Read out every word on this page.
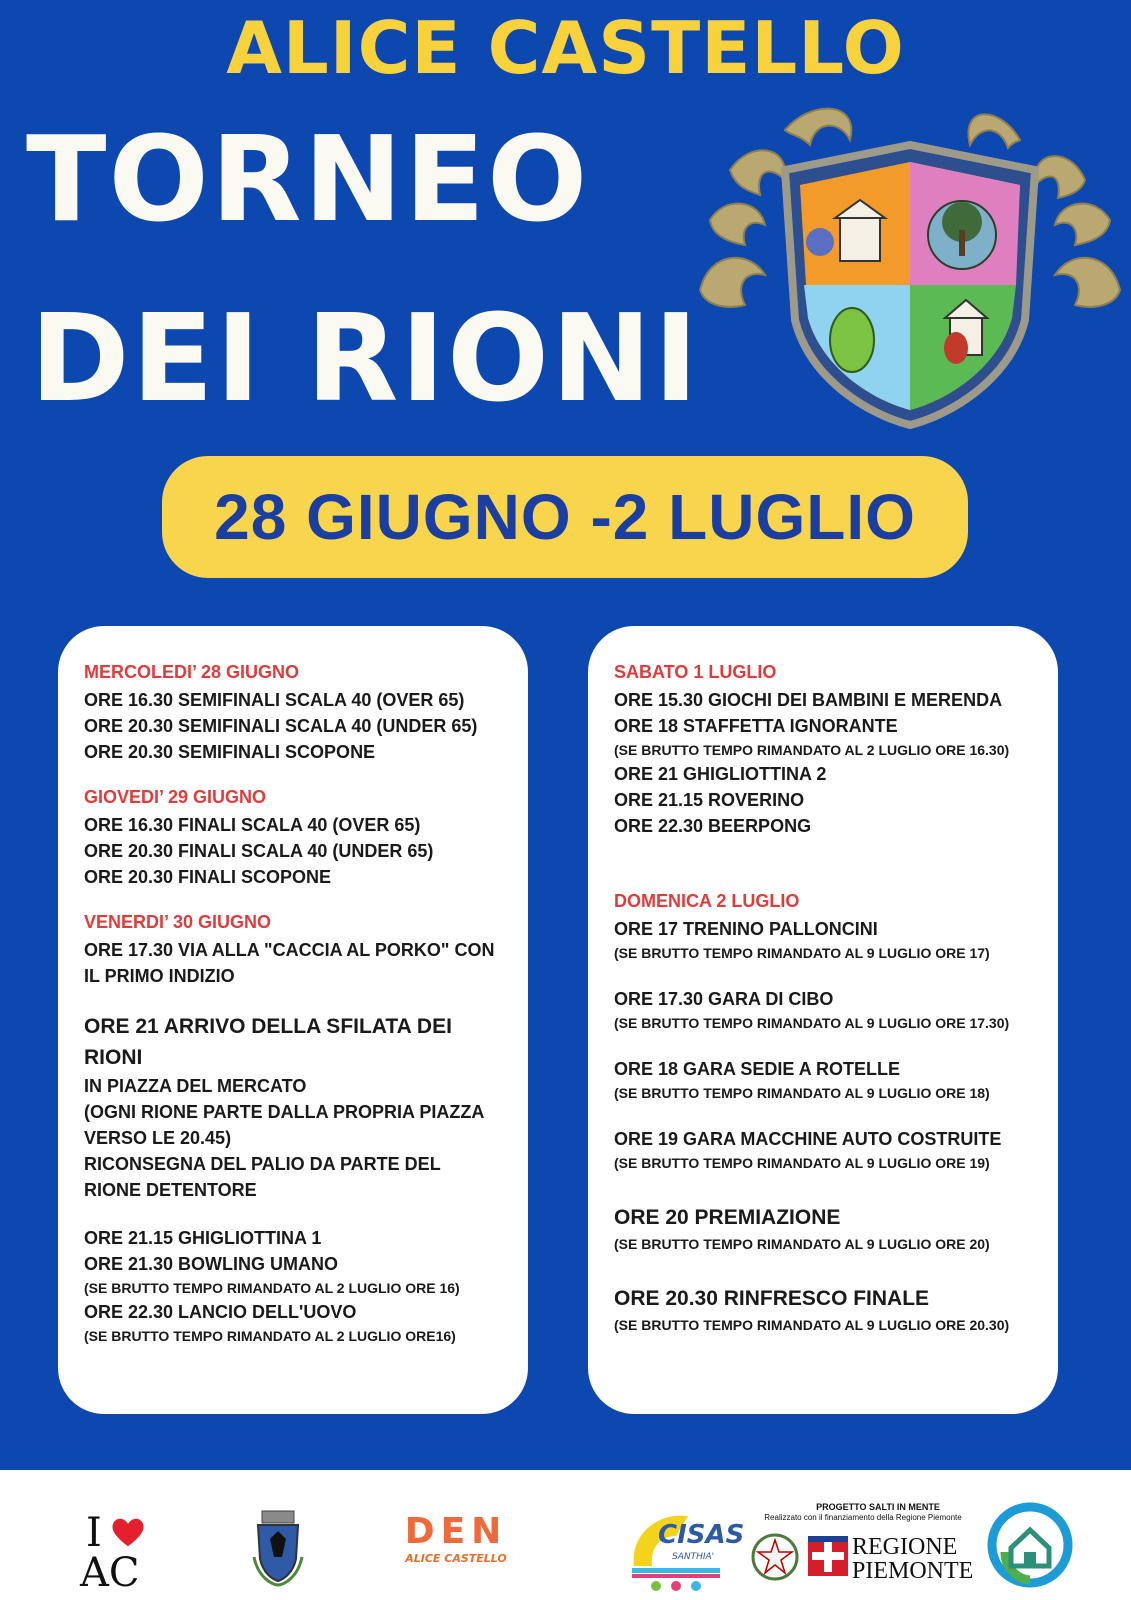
ALICE CASTELLO
TORNEO
DEI RIONI
28 GIUGNO -2 LUGLIO

MERCOLEDI’ 28 GIUGNO

ORE 16.30 SEMIFINALI SCALA 40 (OVER 65)

ORE 20.30 SEMIFINALI SCALA 40 (UNDER 65)

ORE 20.30 SEMIFINALI SCOPONE

GIOVEDI’ 29 GIUGNO

ORE 16.30 FINALI SCALA 40 (OVER 65)

ORE 20.30 FINALI SCALA 40 (UNDER 65)

ORE 20.30 FINALI SCOPONE

VENERDI’ 30 GIUGNO

ORE 17.30 VIA ALLA "CACCIA AL PORKO" CON IL PRIMO INDIZIO

ORE 21 ARRIVO DELLA SFILATA DEI RIONI

IN PIAZZA DEL MERCATO

(OGNI RIONE PARTE DALLA PROPRIA PIAZZA VERSO LE 20.45)

RICONSEGNA DEL PALIO DA PARTE DEL RIONE DETENTORE

ORE 21.15 GHIGLIOTTINA 1

ORE 21.30 BOWLING UMANO

(SE BRUTTO TEMPO RIMANDATO AL 2 LUGLIO ORE 16)

ORE 22.30 LANCIO DELL'UOVO

(SE BRUTTO TEMPO RIMANDATO AL 2 LUGLIO ORE16)

SABATO 1 LUGLIO

ORE 15.30 GIOCHI DEI BAMBINI E MERENDA

ORE 18 STAFFETTA IGNORANTE

(SE BRUTTO TEMPO RIMANDATO AL 2 LUGLIO ORE 16.30)

ORE 21 GHIGLIOTTINA 2

ORE 21.15 ROVERINO

ORE 22.30 BEERPONG

DOMENICA 2 LUGLIO

ORE 17 TRENINO PALLONCINI

(SE BRUTTO TEMPO RIMANDATO AL 9 LUGLIO ORE 17)

ORE 17.30 GARA DI CIBO

(SE BRUTTO TEMPO RIMANDATO AL 9 LUGLIO ORE 17.30)

ORE 18 GARA SEDIE A ROTELLE

(SE BRUTTO TEMPO RIMANDATO AL 9 LUGLIO ORE 18)

ORE 19 GARA MACCHINE AUTO COSTRUITE

(SE BRUTTO TEMPO RIMANDATO AL 9 LUGLIO ORE 19)

ORE 20 PREMIAZIONE

(SE BRUTTO TEMPO RIMANDATO AL 9 LUGLIO ORE 20)

ORE 20.30 RINFRESCO FINALE

(SE BRUTTO TEMPO RIMANDATO AL 9 LUGLIO ORE 20.30)

I
AC
DEN
ALICE CASTELLO
CISAS
SANTHIA'
PROGETTO SALTI IN MENTE
Realizzato con il finanziamento della Regione Piemonte
REGIONE
PIEMONTE
